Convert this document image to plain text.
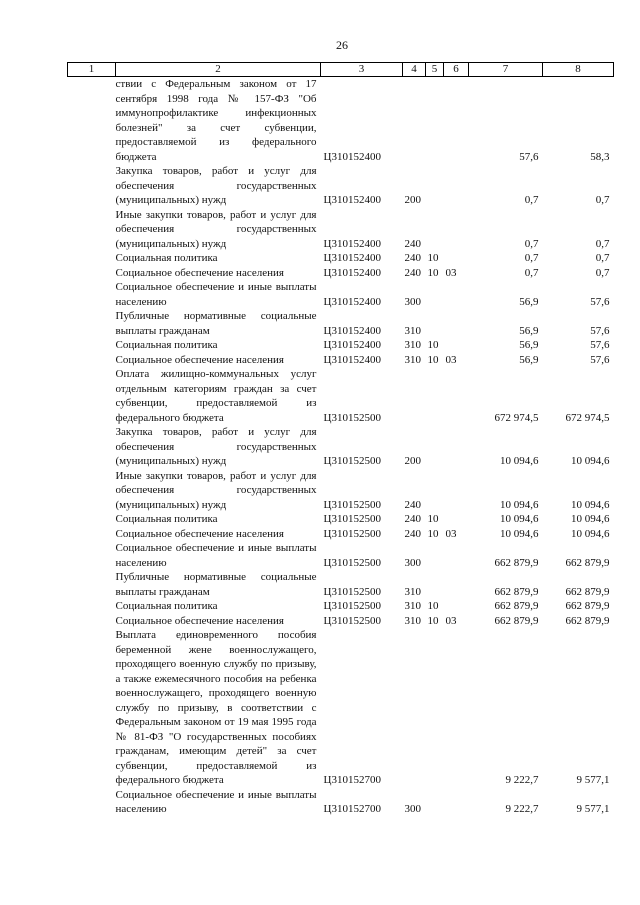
26
1	2	3	4	5	6	7	8
	ствии с Федеральным законом от 17 сентября 1998 года № 157-ФЗ "Об иммунопрофилактике инфекционных болезней" за счет субвенции, предоставляемой из федерального бюджета	Ц310152400				57,6	58,3
	Закупка товаров, работ и услуг для обеспечения государственных (муниципальных) нужд	Ц310152400	200			0,7	0,7
	Иные закупки товаров, работ и услуг для обеспечения государственных (муниципальных) нужд	Ц310152400	240			0,7	0,7
	Социальная политика	Ц310152400	240	10		0,7	0,7
	Социальное обеспечение населения	Ц310152400	240	10	03	0,7	0,7
	Социальное обеспечение и иные выплаты населению	Ц310152400	300			56,9	57,6
	Публичные нормативные социальные выплаты гражданам	Ц310152400	310			56,9	57,6
	Социальная политика	Ц310152400	310	10		56,9	57,6
	Социальное обеспечение населения	Ц310152400	310	10	03	56,9	57,6
	Оплата жилищно-коммунальных услуг отдельным категориям граждан за счет субвенции, предоставляемой из федерального бюджета	Ц310152500				672 974,5	672 974,5
	Закупка товаров, работ и услуг для обеспечения государственных (муниципальных) нужд	Ц310152500	200			10 094,6	10 094,6
	Иные закупки товаров, работ и услуг для обеспечения государственных (муниципальных) нужд	Ц310152500	240			10 094,6	10 094,6
	Социальная политика	Ц310152500	240	10		10 094,6	10 094,6
	Социальное обеспечение населения	Ц310152500	240	10	03	10 094,6	10 094,6
	Социальное обеспечение и иные выплаты населению	Ц310152500	300			662 879,9	662 879,9
	Публичные нормативные социальные выплаты гражданам	Ц310152500	310			662 879,9	662 879,9
	Социальная политика	Ц310152500	310	10		662 879,9	662 879,9
	Социальное обеспечение населения	Ц310152500	310	10	03	662 879,9	662 879,9
	Выплата единовременного пособия беременной жене военнослужащего, проходящего военную службу по призыву, а также ежемесячного пособия на ребенка военнослужащего, проходящего военную службу по призыву, в соответствии с Федеральным законом от 19 мая 1995 года № 81-ФЗ "О государственных пособиях гражданам, имеющим детей" за счет субвенции, предоставляемой из федерального бюджета	Ц310152700				9 222,7	9 577,1
	Социальное обеспечение и иные выплаты населению	Ц310152700	300			9 222,7	9 577,1
